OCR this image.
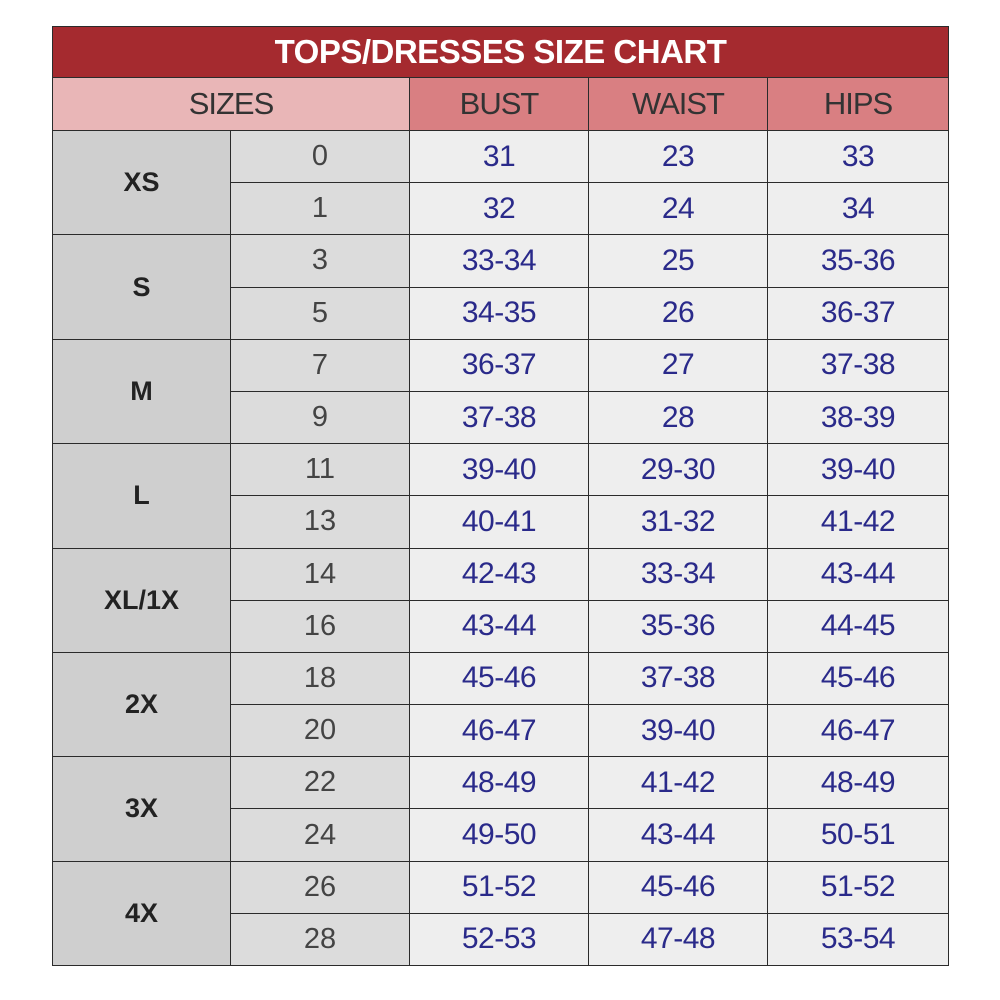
TOPS/DRESSES SIZE CHART				
SIZES		BUST	WAIST	HIPS
XS	0	31	23	33
	1	32	24	34
S	3	33-34	25	35-36
	5	34-35	26	36-37
M	7	36-37	27	37-38
	9	37-38	28	38-39
L	11	39-40	29-30	39-40
	13	40-41	31-32	41-42
XL/1X	14	42-43	33-34	43-44
	16	43-44	35-36	44-45
2X	18	45-46	37-38	45-46
	20	46-47	39-40	46-47
3X	22	48-49	41-42	48-49
	24	49-50	43-44	50-51
4X	26	51-52	45-46	51-52
	28	52-53	47-48	53-54
